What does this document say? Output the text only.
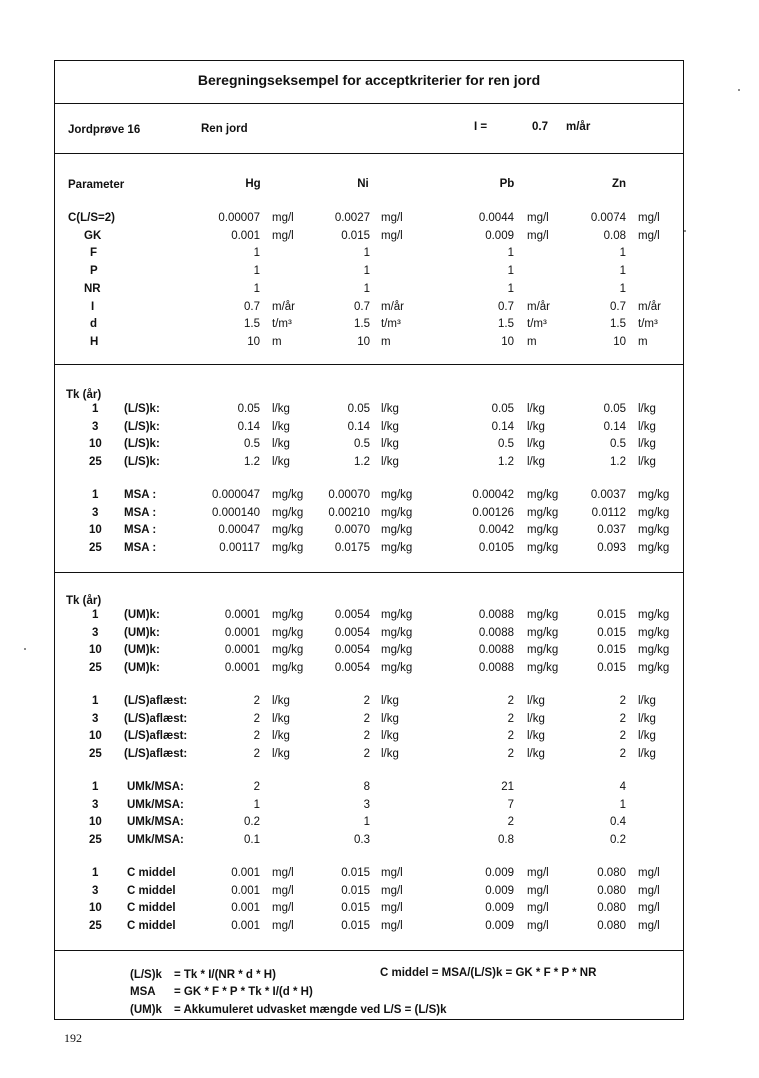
Beregningseksempel for acceptkriterier for ren jord
Jordprøve 16	Ren jord	I =	0.7 m/år
Parameter	Hg	Ni	Pb	Zn
C(L/S=2)	0.00007 mg/l	0.0027 mg/l	0.0044 mg/l	0.0074 mg/l
GK	0.001 mg/l	0.015 mg/l	0.009 mg/l	0.08 mg/l
F	1	1	1	1
P	1	1	1	1
NR	1	1	1	1
I	0.7 m/år	0.7 m/år	0.7 m/år	0.7 m/år
d	1.5 t/m³	1.5 t/m³	1.5 t/m³	1.5 t/m³
H	10 m	10 m	10 m	10 m
Tk (år)
1 (L/S)k:	0.05 l/kg	0.05 l/kg	0.05 l/kg	0.05 l/kg
3 (L/S)k:	0.14 l/kg	0.14 l/kg	0.14 l/kg	0.14 l/kg
10 (L/S)k:	0.5 l/kg	0.5 l/kg	0.5 l/kg	0.5 l/kg
25 (L/S)k:	1.2 l/kg	1.2 l/kg	1.2 l/kg	1.2 l/kg
1 MSA :	0.000047 mg/kg	0.00070 mg/kg	0.00042 mg/kg	0.0037 mg/kg
3 MSA :	0.000140 mg/kg	0.00210 mg/kg	0.00126 mg/kg	0.0112 mg/kg
10 MSA :	0.00047 mg/kg	0.0070 mg/kg	0.0042 mg/kg	0.037 mg/kg
25 MSA :	0.00117 mg/kg	0.0175 mg/kg	0.0105 mg/kg	0.093 mg/kg
Tk (år)
1 (UM)k:	0.0001 mg/kg	0.0054 mg/kg	0.0088 mg/kg	0.015 mg/kg
3 (UM)k:	0.0001 mg/kg	0.0054 mg/kg	0.0088 mg/kg	0.015 mg/kg
10 (UM)k:	0.0001 mg/kg	0.0054 mg/kg	0.0088 mg/kg	0.015 mg/kg
25 (UM)k:	0.0001 mg/kg	0.0054 mg/kg	0.0088 mg/kg	0.015 mg/kg
1 (L/S)aflæst:	2 l/kg	2 l/kg	2 l/kg	2 l/kg
3 (L/S)aflæst:	2 l/kg	2 l/kg	2 l/kg	2 l/kg
10 (L/S)aflæst:	2 l/kg	2 l/kg	2 l/kg	2 l/kg
25 (L/S)aflæst:	2 l/kg	2 l/kg	2 l/kg	2 l/kg
1 UMk/MSA:	2	8	21	4
3 UMk/MSA:	1	3	7	1
10 UMk/MSA:	0.2	1	2	0.4
25 UMk/MSA:	0.1	0.3	0.8	0.2
1 C middel	0.001 mg/l	0.015 mg/l	0.009 mg/l	0.080 mg/l
3 C middel	0.001 mg/l	0.015 mg/l	0.009 mg/l	0.080 mg/l
10 C middel	0.001 mg/l	0.015 mg/l	0.009 mg/l	0.080 mg/l
25 C middel	0.001 mg/l	0.015 mg/l	0.009 mg/l	0.080 mg/l
(L/S)k = Tk * I/(NR * d * H)
MSA = GK * F * P * Tk * I/(d * H)
(UM)k = Akkumuleret udvasket mængde ved L/S = (L/S)k
C middel = MSA/(L/S)k = GK * F * P * NR
192
